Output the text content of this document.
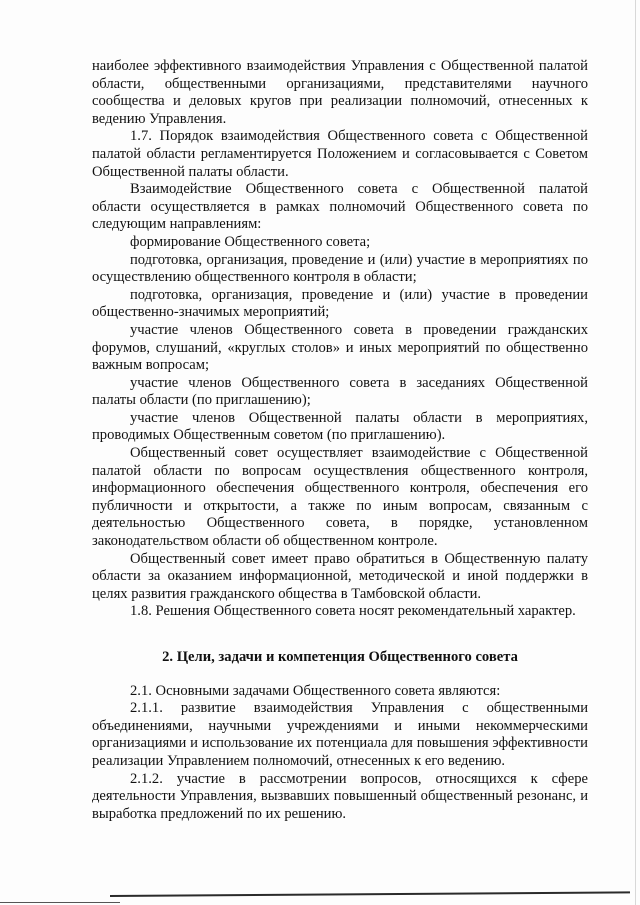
наиболее эффективного взаимодействия Управления с Общественной палатой области, общественными организациями, представителями научного сообщества и деловых кругов при реализации полномочий, отнесенных к ведению Управления.

1.7. Порядок взаимодействия Общественного совета с Общественной палатой области регламентируется Положением и согласовывается с Советом Общественной палаты области.

Взаимодействие Общественного совета с Общественной палатой области осуществляется в рамках полномочий Общественного совета по следующим направлениям:

формирование Общественного совета;

подготовка, организация, проведение и (или) участие в мероприятиях по осуществлению общественного контроля в области;

подготовка, организация, проведение и (или) участие в проведении общественно-значимых мероприятий;

участие членов Общественного совета в проведении гражданских форумов, слушаний, «круглых столов» и иных мероприятий по общественно важным вопросам;

участие членов Общественного совета в заседаниях Общественной палаты области (по приглашению);

участие членов Общественной палаты области в мероприятиях, проводимых Общественным советом (по приглашению).

Общественный совет осуществляет взаимодействие с Общественной палатой области по вопросам осуществления общественного контроля, информационного обеспечения общественного контроля, обеспечения его публичности и открытости, а также по иным вопросам, связанным с деятельностью Общественного совета, в порядке, установленном законодательством области об общественном контроле.

Общественный совет имеет право обратиться в Общественную палату области за оказанием информационной, методической и иной поддержки в целях развития гражданского общества в Тамбовской области.

1.8. Решения Общественного совета носят рекомендательный характер.

2. Цели, задачи и компетенция Общественного совета

2.1. Основными задачами Общественного совета являются:

2.1.1. развитие взаимодействия Управления с общественными объединениями, научными учреждениями и иными некоммерческими организациями и использование их потенциала для повышения эффективности реализации Управлением полномочий, отнесенных к его ведению.

2.1.2. участие в рассмотрении вопросов, относящихся к сфере деятельности Управления, вызвавших повышенный общественный резонанс, и выработка предложений по их решению.
